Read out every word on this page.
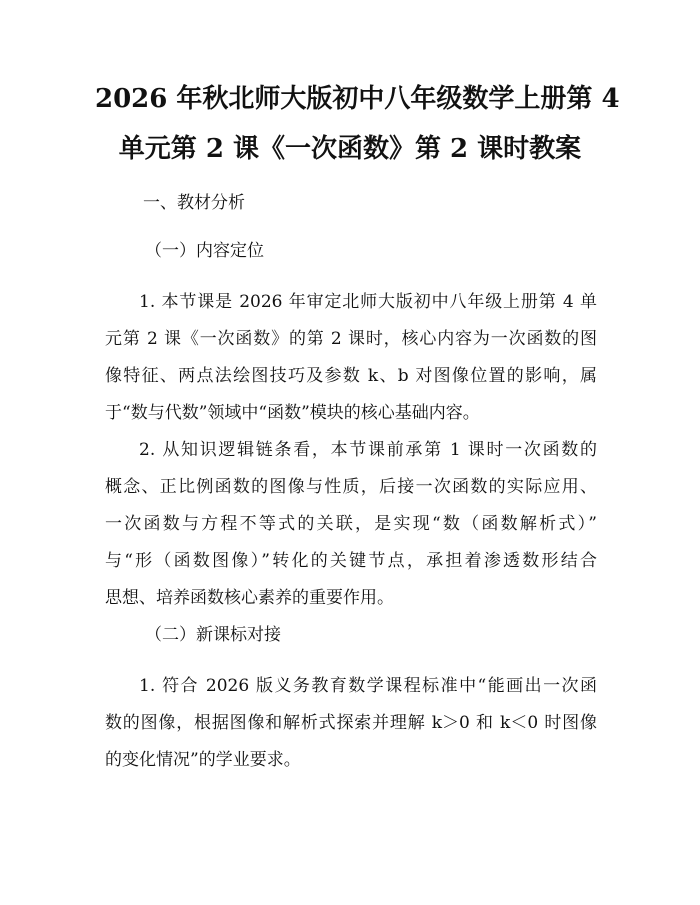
2026 年秋北师大版初中八年级数学上册第 4
单元第 2 课《一次函数》第 2 课时教案
一、教材分析
（一）内容定位
1. 本节课是 2026 年审定北师大版初中八年级上册第 4 单
元第 2 课《一次函数》的第 2 课时，核心内容为一次函数的图
像特征、两点法绘图技巧及参数 k、b 对图像位置的影响，属
于“数与代数”领域中“函数”模块的核心基础内容。
2. 从知识逻辑链条看，本节课前承第 1 课时一次函数的
概念、正比例函数的图像与性质，后接一次函数的实际应用、
一次函数与方程不等式的关联，是实现“数（函数解析式）”
与“形（函数图像）”转化的关键节点，承担着渗透数形结合
思想、培养函数核心素养的重要作用。
（二）新课标对接
1. 符合 2026 版义务教育数学课程标准中“能画出一次函
数的图像，根据图像和解析式探索并理解 k＞0 和 k＜0 时图像
的变化情况”的学业要求。
